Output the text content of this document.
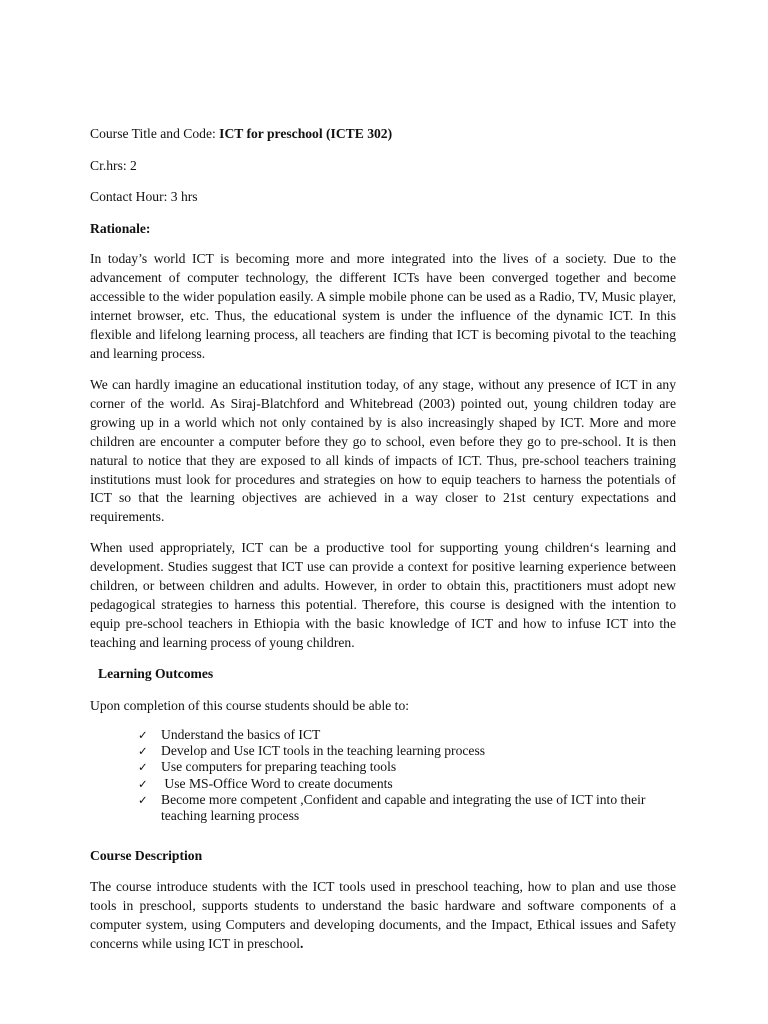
Course Title and Code: ICT for preschool (ICTE 302)

Cr.hrs: 2

Contact Hour: 3 hrs

Rationale:

In today’s world ICT is becoming more and more integrated into the lives of a society. Due to the advancement of computer technology, the different ICTs have been converged together and become accessible to the wider population easily. A simple mobile phone can be used as a Radio, TV, Music player, internet browser, etc. Thus, the educational system is under the influence of the dynamic ICT. In this flexible and lifelong learning process, all teachers are finding that ICT is becoming pivotal to the teaching and learning process.

We can hardly imagine an educational institution today, of any stage, without any presence of ICT in any corner of the world. As Siraj-Blatchford and Whitebread (2003) pointed out, young children today are growing up in a world which not only contained by is also increasingly shaped by ICT. More and more children are encounter a computer before they go to school, even before they go to pre-school. It is then natural to notice that they are exposed to all kinds of impacts of ICT. Thus, pre-school teachers training institutions must look for procedures and strategies on how to equip teachers to harness the potentials of ICT so that the learning objectives are achieved in a way closer to 21st century expectations and requirements.

When used appropriately, ICT can be a productive tool for supporting young children‘s learning and development. Studies suggest that ICT use can provide a context for positive learning experience between children, or between children and adults. However, in order to obtain this, practitioners must adopt new pedagogical strategies to harness this potential. Therefore, this course is designed with the intention to equip pre-school teachers in Ethiopia with the basic knowledge of ICT and how to infuse ICT into the teaching and learning process of young children.

Learning Outcomes

Upon completion of this course students should be able to:

✓ Understand the basics of ICT
✓ Develop and Use ICT tools in the teaching learning process
✓ Use computers for preparing teaching tools
✓ Use MS-Office Word to create documents
✓ Become more competent ,Confident and capable and integrating the use of ICT into their teaching learning process

Course Description

The course introduce students with the ICT tools used in preschool teaching, how to plan and use those tools in preschool, supports students to understand the basic hardware and software components of a computer system, using Computers and developing documents, and the Impact, Ethical issues and Safety concerns while using ICT in preschool.
